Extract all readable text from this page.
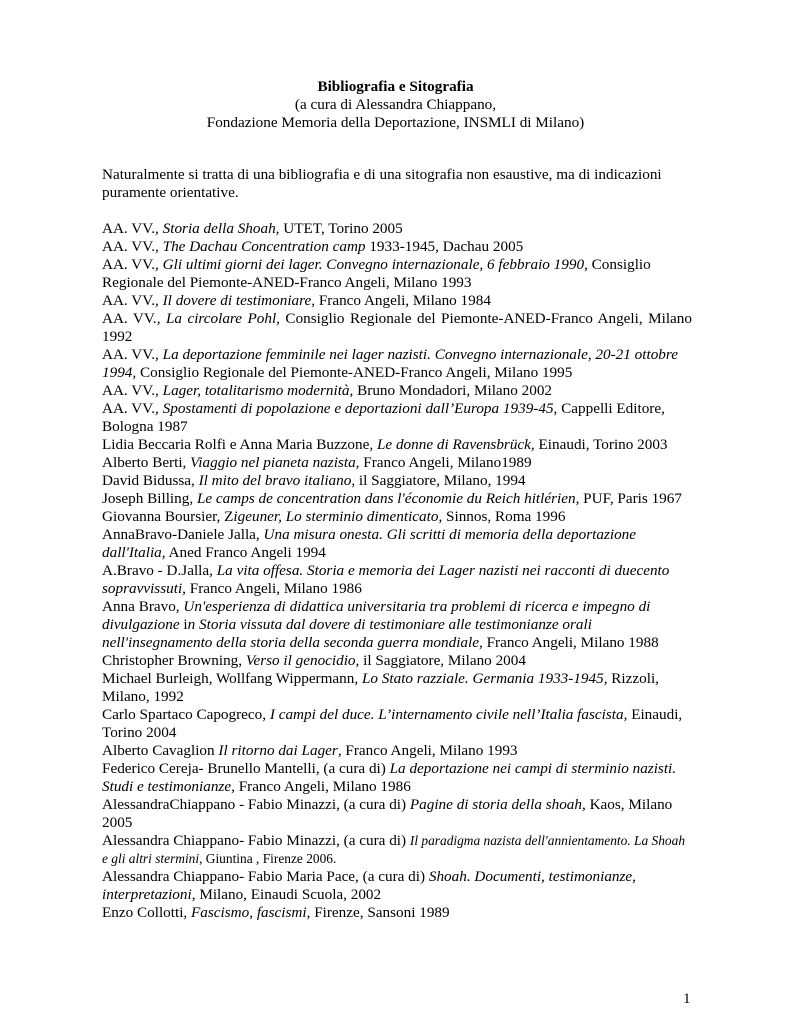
Bibliografia e Sitografia
(a cura di Alessandra Chiappano,
Fondazione Memoria della Deportazione, INSMLI di Milano)
Naturalmente si tratta di una bibliografia e di una sitografia non esaustive, ma di indicazioni puramente orientative.

AA. VV., Storia della Shoah, UTET, Torino 2005

AA. VV., The Dachau Concentration camp 1933-1945, Dachau 2005

AA. VV., Gli ultimi giorni dei lager. Convegno internazionale, 6 febbraio 1990, Consiglio Regionale del Piemonte-ANED-Franco Angeli, Milano 1993

AA. VV., Il dovere di testimoniare, Franco Angeli, Milano 1984

AA. VV., La circolare Pohl, Consiglio Regionale del Piemonte-ANED-Franco Angeli, Milano 1992

AA. VV., La deportazione femminile nei lager nazisti. Convegno internazionale, 20-21 ottobre 1994, Consiglio Regionale del Piemonte-ANED-Franco Angeli, Milano 1995

AA. VV., Lager, totalitarismo modernità, Bruno Mondadori, Milano 2002

AA. VV., Spostamenti di popolazione e deportazioni dall’Europa 1939-45, Cappelli Editore, Bologna 1987

Lidia Beccaria Rolfi e Anna Maria Buzzone, Le donne di Ravensbrück, Einaudi, Torino 2003

Alberto Berti, Viaggio nel pianeta nazista, Franco Angeli, Milano1989

David Bidussa, Il mito del bravo italiano, il Saggiatore, Milano, 1994

Joseph Billing, Le camps de concentration dans l'économie du Reich hitlérien, PUF, Paris 1967

Giovanna Boursier, Zigeuner, Lo sterminio dimenticato, Sinnos, Roma 1996

AnnaBravo-Daniele Jalla, Una misura onesta. Gli scritti di memoria della deportazione dall'Italia, Aned Franco Angeli 1994

A.Bravo - D.Jalla, La vita offesa. Storia e memoria dei Lager nazisti nei racconti di duecento sopravvissuti, Franco Angeli, Milano 1986

Anna Bravo, Un'esperienza di didattica universitaria tra problemi di ricerca e impegno di divulgazione in Storia vissuta dal dovere di testimoniare alle testimonianze orali nell'insegnamento della storia della seconda guerra mondiale, Franco Angeli, Milano 1988

Christopher Browning, Verso il genocidio, il Saggiatore, Milano 2004

Michael Burleigh, Wollfang Wippermann, Lo Stato razziale. Germania 1933-1945, Rizzoli, Milano, 1992

Carlo Spartaco Capogreco, I campi del duce. L’internamento civile nell’Italia fascista, Einaudi, Torino 2004

Alberto Cavaglion Il ritorno dai Lager, Franco Angeli, Milano 1993

Federico Cereja- Brunello Mantelli, (a cura di) La deportazione nei campi di sterminio nazisti. Studi e testimonianze, Franco Angeli, Milano 1986

AlessandraChiappano - Fabio Minazzi, (a cura di) Pagine di storia della shoah, Kaos, Milano 2005

Alessandra Chiappano- Fabio Minazzi, (a cura di) Il paradigma nazista dell'annientamento. La Shoah e gli altri stermini, Giuntina , Firenze 2006.

Alessandra Chiappano- Fabio Maria Pace, (a cura di) Shoah. Documenti, testimonianze, interpretazioni, Milano, Einaudi Scuola, 2002

Enzo Collotti, Fascismo, fascismi, Firenze, Sansoni 1989

1
